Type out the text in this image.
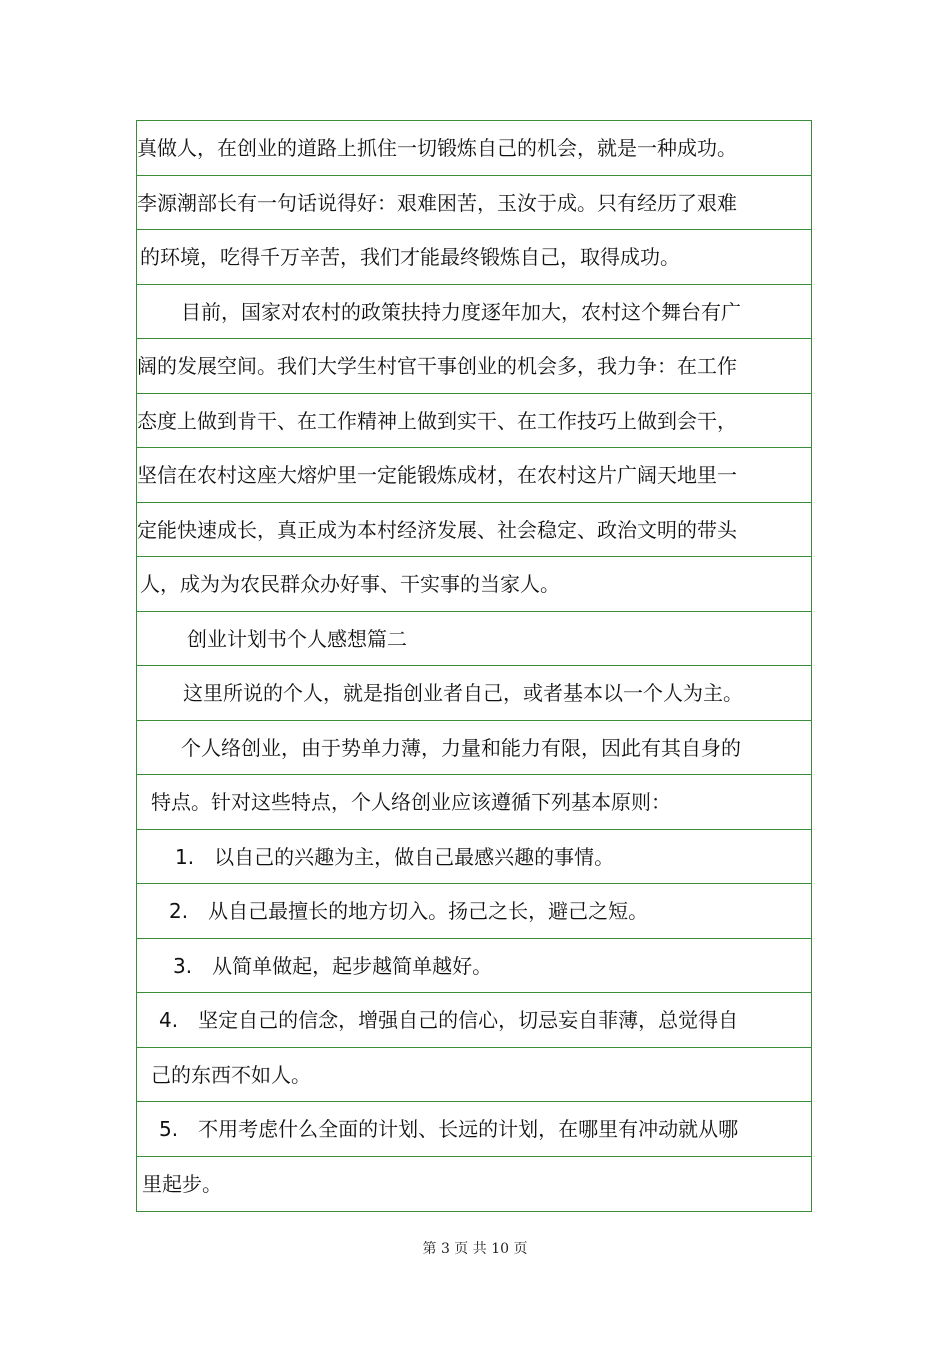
真做人，在创业的道路上抓住一切锻炼自己的机会，就是一种成功。
李源潮部长有一句话说得好：艰难困苦，玉汝于成。只有经历了艰难
的环境，吃得千万辛苦，我们才能最终锻炼自己，取得成功。
目前，国家对农村的政策扶持力度逐年加大，农村这个舞台有广
阔的发展空间。我们大学生村官干事创业的机会多，我力争：在工作
态度上做到肯干、在工作精神上做到实干、在工作技巧上做到会干，
坚信在农村这座大熔炉里一定能锻炼成材，在农村这片广阔天地里一
定能快速成长，真正成为本村经济发展、社会稳定、政治文明的带头
人，成为为农民群众办好事、干实事的当家人。
创业计划书个人感想篇二
这里所说的个人，就是指创业者自己，或者基本以一个人为主。
个人络创业，由于势单力薄，力量和能力有限，因此有其自身的
特点。针对这些特点，个人络创业应该遵循下列基本原则：
1.　以自己的兴趣为主，做自己最感兴趣的事情。
2.　从自己最擅长的地方切入。扬己之长，避己之短。
3.　从简单做起，起步越简单越好。
4.　坚定自己的信念，增强自己的信心，切忌妄自菲薄，总觉得自
己的东西不如人。
5.　不用考虑什么全面的计划、长远的计划，在哪里有冲动就从哪
里起步。
第 3 页 共 10 页
